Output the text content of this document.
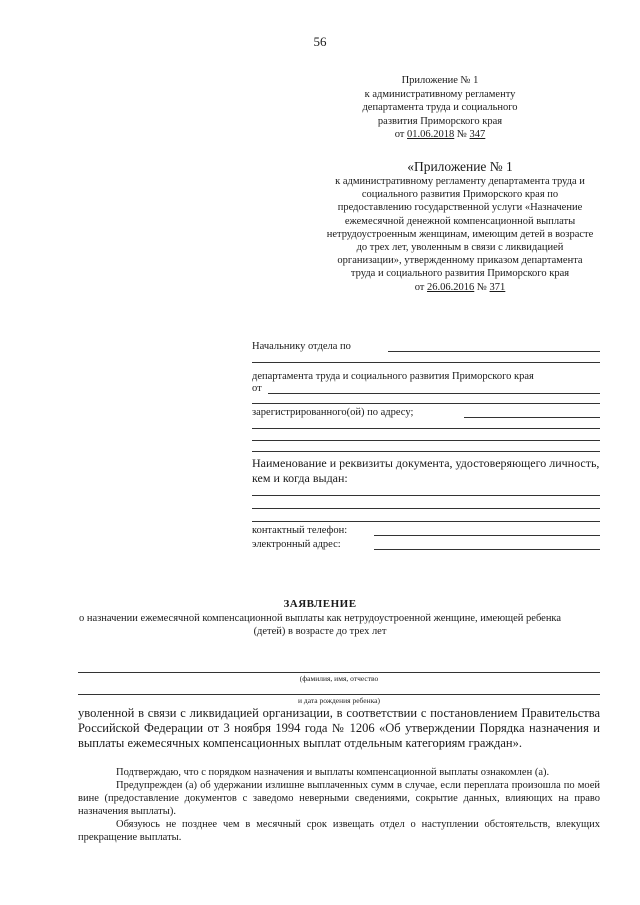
56
Приложение № 1
к административному регламенту
департамента труда и социального
развития Приморского края
от 01.06.2018 № 347
«Приложение № 1
к административному регламенту департамента труда и
социального развития Приморского края по
предоставлению государственной услуги «Назначение
ежемесячной денежной компенсационной выплаты
нетрудоустроенным женщинам, имеющим детей в возрасте
до трех лет, уволенным в связи с ликвидацией
организации», утвержденному приказом департамента
труда и социального развития Приморского края
от 26.06.2016 № 371
Начальнику отдела по
департамента труда и социального развития Приморского края
от
зарегистрированного(ой) по адресу;
Наименование и реквизиты документа, удостоверяющего личность,
кем и когда выдан:
контактный телефон:
электронный адрес:
ЗАЯВЛЕНИЕ
о назначении ежемесячной компенсационной выплаты как нетрудоустроенной женщине, имеющей ребенка
(детей) в возрасте до трех лет
(фамилия, имя, отчество
и дата рождения ребенка)
уволенной в связи с ликвидацией организации, в соответствии с постановлением Правительства Российской Федерации от 3 ноября 1994 года № 1206 «Об утверждении Порядка назначения и выплаты ежемесячных компенсационных выплат отдельным категориям граждан».
Подтверждаю, что с порядком назначения и выплаты компенсационной выплаты ознакомлен (а).
Предупрежден (а) об удержании излишне выплаченных сумм в случае, если переплата произошла по моей вине (предоставление документов с заведомо неверными сведениями, сокрытие данных, влияющих на право назначения выплаты).
Обязуюсь не позднее чем в месячный срок извещать отдел о наступлении обстоятельств, влекущих прекращение выплаты.
